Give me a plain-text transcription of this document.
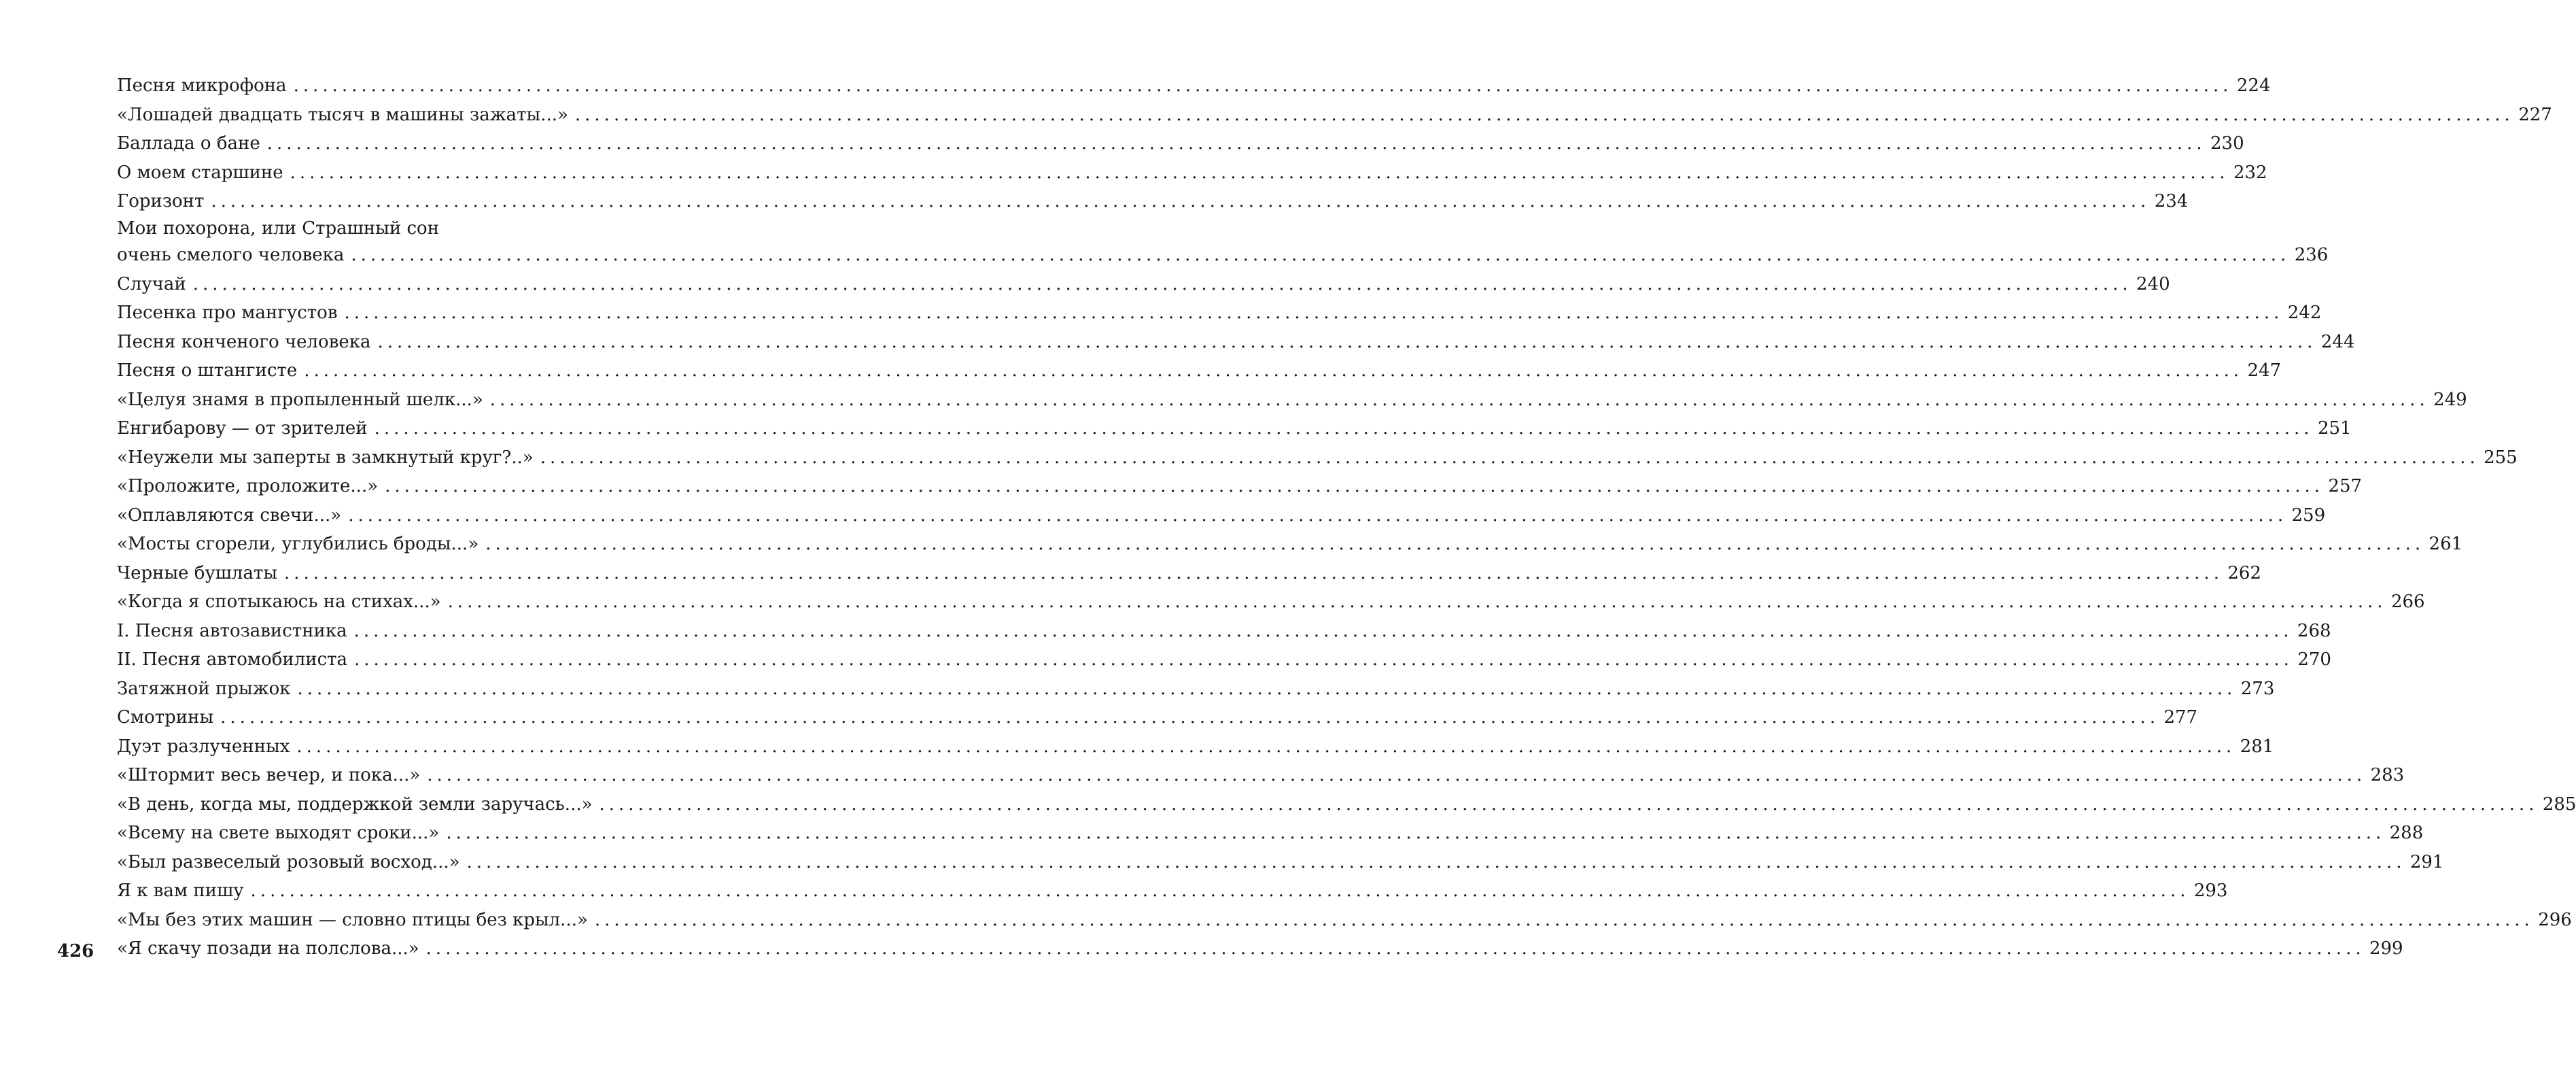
Песня микрофона ........................................................................................................................................................................................................ 224
«Лошадей двадцать тысяч в машины зажаты...» ........................................................................................................................................................................................................ 227
Баллада о бане ........................................................................................................................................................................................................ 230
О моем старшине ........................................................................................................................................................................................................ 232
Горизонт ........................................................................................................................................................................................................ 234
Мои похорона, или Страшный сон
очень смелого человека ........................................................................................................................................................................................................ 236
Случай ........................................................................................................................................................................................................ 240
Песенка про мангустов ........................................................................................................................................................................................................ 242
Песня конченого человека ........................................................................................................................................................................................................ 244
Песня о штангисте ........................................................................................................................................................................................................ 247
«Целуя знамя в пропыленный шелк...» ........................................................................................................................................................................................................ 249
Енгибарову — от зрителей ........................................................................................................................................................................................................ 251
«Неужели мы заперты в замкнутый круг?..» ........................................................................................................................................................................................................ 255
«Проложите, проложите...» ........................................................................................................................................................................................................ 257
«Оплавляются свечи...» ........................................................................................................................................................................................................ 259
«Мосты сгорели, углубились броды...» ........................................................................................................................................................................................................ 261
Черные бушлаты ........................................................................................................................................................................................................ 262
«Когда я спотыкаюсь на стихах...» ........................................................................................................................................................................................................ 266
I. Песня автозавистника ........................................................................................................................................................................................................ 268
II. Песня автомобилиста ........................................................................................................................................................................................................ 270
Затяжной прыжок ........................................................................................................................................................................................................ 273
Смотрины ........................................................................................................................................................................................................ 277
Дуэт разлученных ........................................................................................................................................................................................................ 281
«Штормит весь вечер, и пока...» ........................................................................................................................................................................................................ 283
«В день, когда мы, поддержкой земли заручась...» ........................................................................................................................................................................................................ 285
«Всему на свете выходят сроки...» ........................................................................................................................................................................................................ 288
«Был развеселый розовый восход...» ........................................................................................................................................................................................................ 291
Я к вам пишу ........................................................................................................................................................................................................ 293
«Мы без этих машин — словно птицы без крыл...» ........................................................................................................................................................................................................ 296
«Я скачу позади на полслова...» ........................................................................................................................................................................................................ 299
426
